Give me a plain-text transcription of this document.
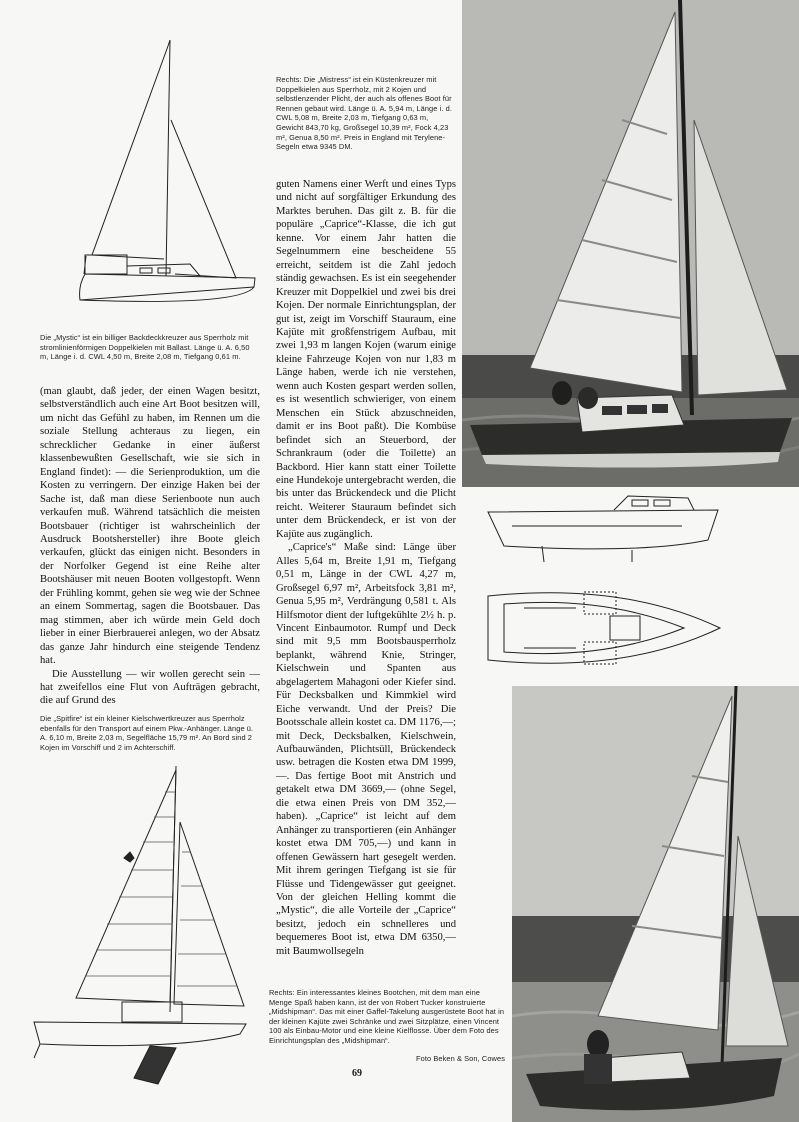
Rechts: Die „Mistress“ ist ein Küstenkreuzer mit Doppelkielen aus Sperrholz, mit 2 Kojen und selbstlenzender Plicht, der auch als offenes Boot für Rennen gebaut wird. Länge ü. A. 5,94 m, Länge i. d. CWL 5,08 m, Breite 2,03 m, Tiefgang 0,63 m, Gewicht 843,70 kg, Großsegel 10,39 m², Fock 4,23 m², Genua 8,50 m². Preis in England mit Terylene-Segeln etwa 9345 DM.
Die „Mystic“ ist ein billiger Backdeckkreuzer aus Sperrholz mit stromlinienförmigen Doppelkielen mit Ballast. Länge ü. A. 6,50 m, Länge i. d. CWL 4,50 m, Breite 2,08 m, Tiefgang 0,61 m.

(man glaubt, daß jeder, der einen Wagen besitzt, selbstverständlich auch eine Art Boot besitzen will, um nicht das Gefühl zu haben, im Rennen um die soziale Stellung achteraus zu liegen, ein schrecklicher Gedanke in einer äußerst klassenbewußten Gesellschaft, wie sie sich in England findet): — die Serienproduktion, um die Kosten zu verringern. Der einzige Haken bei der Sache ist, daß man diese Serienboote nun auch verkaufen muß. Während tatsächlich die meisten Bootsbauer (richtiger ist wahrscheinlich der Ausdruck Bootshersteller) ihre Boote gleich verkaufen, glückt das einigen nicht. Besonders in der Norfolker Gegend ist eine Reihe alter Bootshäuser mit neuen Booten vollgestopft. Wenn der Frühling kommt, gehen sie weg wie der Schnee an einem Sommertag, sagen die Bootsbauer. Das mag stimmen, aber ich würde mein Geld doch lieber in einer Bierbrauerei anlegen, wo der Absatz das ganze Jahr hindurch eine steigende Tendenz hat.

Die Ausstellung — wir wollen gerecht sein — hat zweifellos eine Flut von Aufträgen gebracht, die auf Grund des

guten Namens einer Werft und eines Typs und nicht auf sorgfältiger Erkundung des Marktes beruhen. Das gilt z. B. für die populäre „Caprice“-Klasse, die ich gut kenne. Vor einem Jahr hatten die Segelnummern eine bescheidene 55 erreicht, seitdem ist die Zahl jedoch ständig gewachsen. Es ist ein seegehender Kreuzer mit Doppelkiel und zwei bis drei Kojen. Der normale Einrichtungsplan, der gut ist, zeigt im Vorschiff Stauraum, eine Kajüte mit großfenstrigem Aufbau, mit zwei 1,93 m langen Kojen (warum einige kleine Fahrzeuge Kojen von nur 1,83 m Länge haben, werde ich nie verstehen, wenn auch Kosten gespart werden sollen, es ist wesentlich schwieriger, von einem Menschen ein Stück abzuschneiden, damit er ins Boot paßt). Die Kombüse befindet sich an Steuerbord, der Schrankraum (oder die Toilette) an Backbord. Hier kann statt einer Toilette eine Hundekoje untergebracht werden, die bis unter das Brückendeck und die Plicht reicht. Weiterer Stauraum befindet sich unter dem Brückendeck, er ist von der Kajüte aus zugänglich.

„Caprice's“ Maße sind: Länge über Alles 5,64 m, Breite 1,91 m, Tiefgang 0,51 m, Länge in der CWL 4,27 m, Großsegel 6,97 m², Arbeitsfock 3,81 m², Genua 5,95 m², Verdrängung 0,581 t. Als Hilfsmotor dient der luftgekühlte 2½ h. p. Vincent Einbaumotor. Rumpf und Deck sind mit 9,5 mm Bootsbausperrholz beplankt, während Knie, Stringer, Kielschwein und Spanten aus abgelagertem Mahagoni oder Kiefer sind. Für Decksbalken und Kimmkiel wird Eiche verwandt. Und der Preis? Die Bootsschale allein kostet ca. DM 1176,—; mit Deck, Decksbalken, Kielschwein, Aufbauwänden, Plichtsüll, Brückendeck usw. betragen die Kosten etwa DM 1999,—. Das fertige Boot mit Anstrich und getakelt etwa DM 3669,— (ohne Segel, die etwa einen Preis von DM 352,— haben). „Caprice“ ist leicht auf dem Anhänger zu transportieren (ein Anhänger kostet etwa DM 705,—) und kann in offenen Gewässern hart gesegelt werden. Mit ihrem geringen Tiefgang ist sie für Flüsse und Tidengewässer gut geeignet. Von der gleichen Helling kommt die „Mystic“, die alle Vorteile der „Caprice“ besitzt, jedoch ein schnelleres und bequemeres Boot ist, etwa DM 6350,— mit Baumwollsegeln

Die „Spitfire“ ist ein kleiner Kielschwertkreuzer aus Sperrholz ebenfalls für den Transport auf einem Pkw.-Anhänger. Länge ü. A. 6,10 m, Breite 2,03 m, Segelfläche 15,79 m². An Bord sind 2 Kojen im Vorschiff und 2 im Achterschiff.
Rechts: Ein interessantes kleines Bootchen, mit dem man eine Menge Spaß haben kann, ist der von Robert Tucker konstruierte „Midshipman“. Das mit einer Gaffel-Takelung ausgerüstete Boot hat in der kleinen Kajüte zwei Schränke und zwei Sitzplätze, einen Vincent 100 als Einbau-Motor und eine kleine Kielflosse. Über dem Foto des Einrichtungsplan des „Midshipman“.
Foto Beken & Son, Cowes
69
